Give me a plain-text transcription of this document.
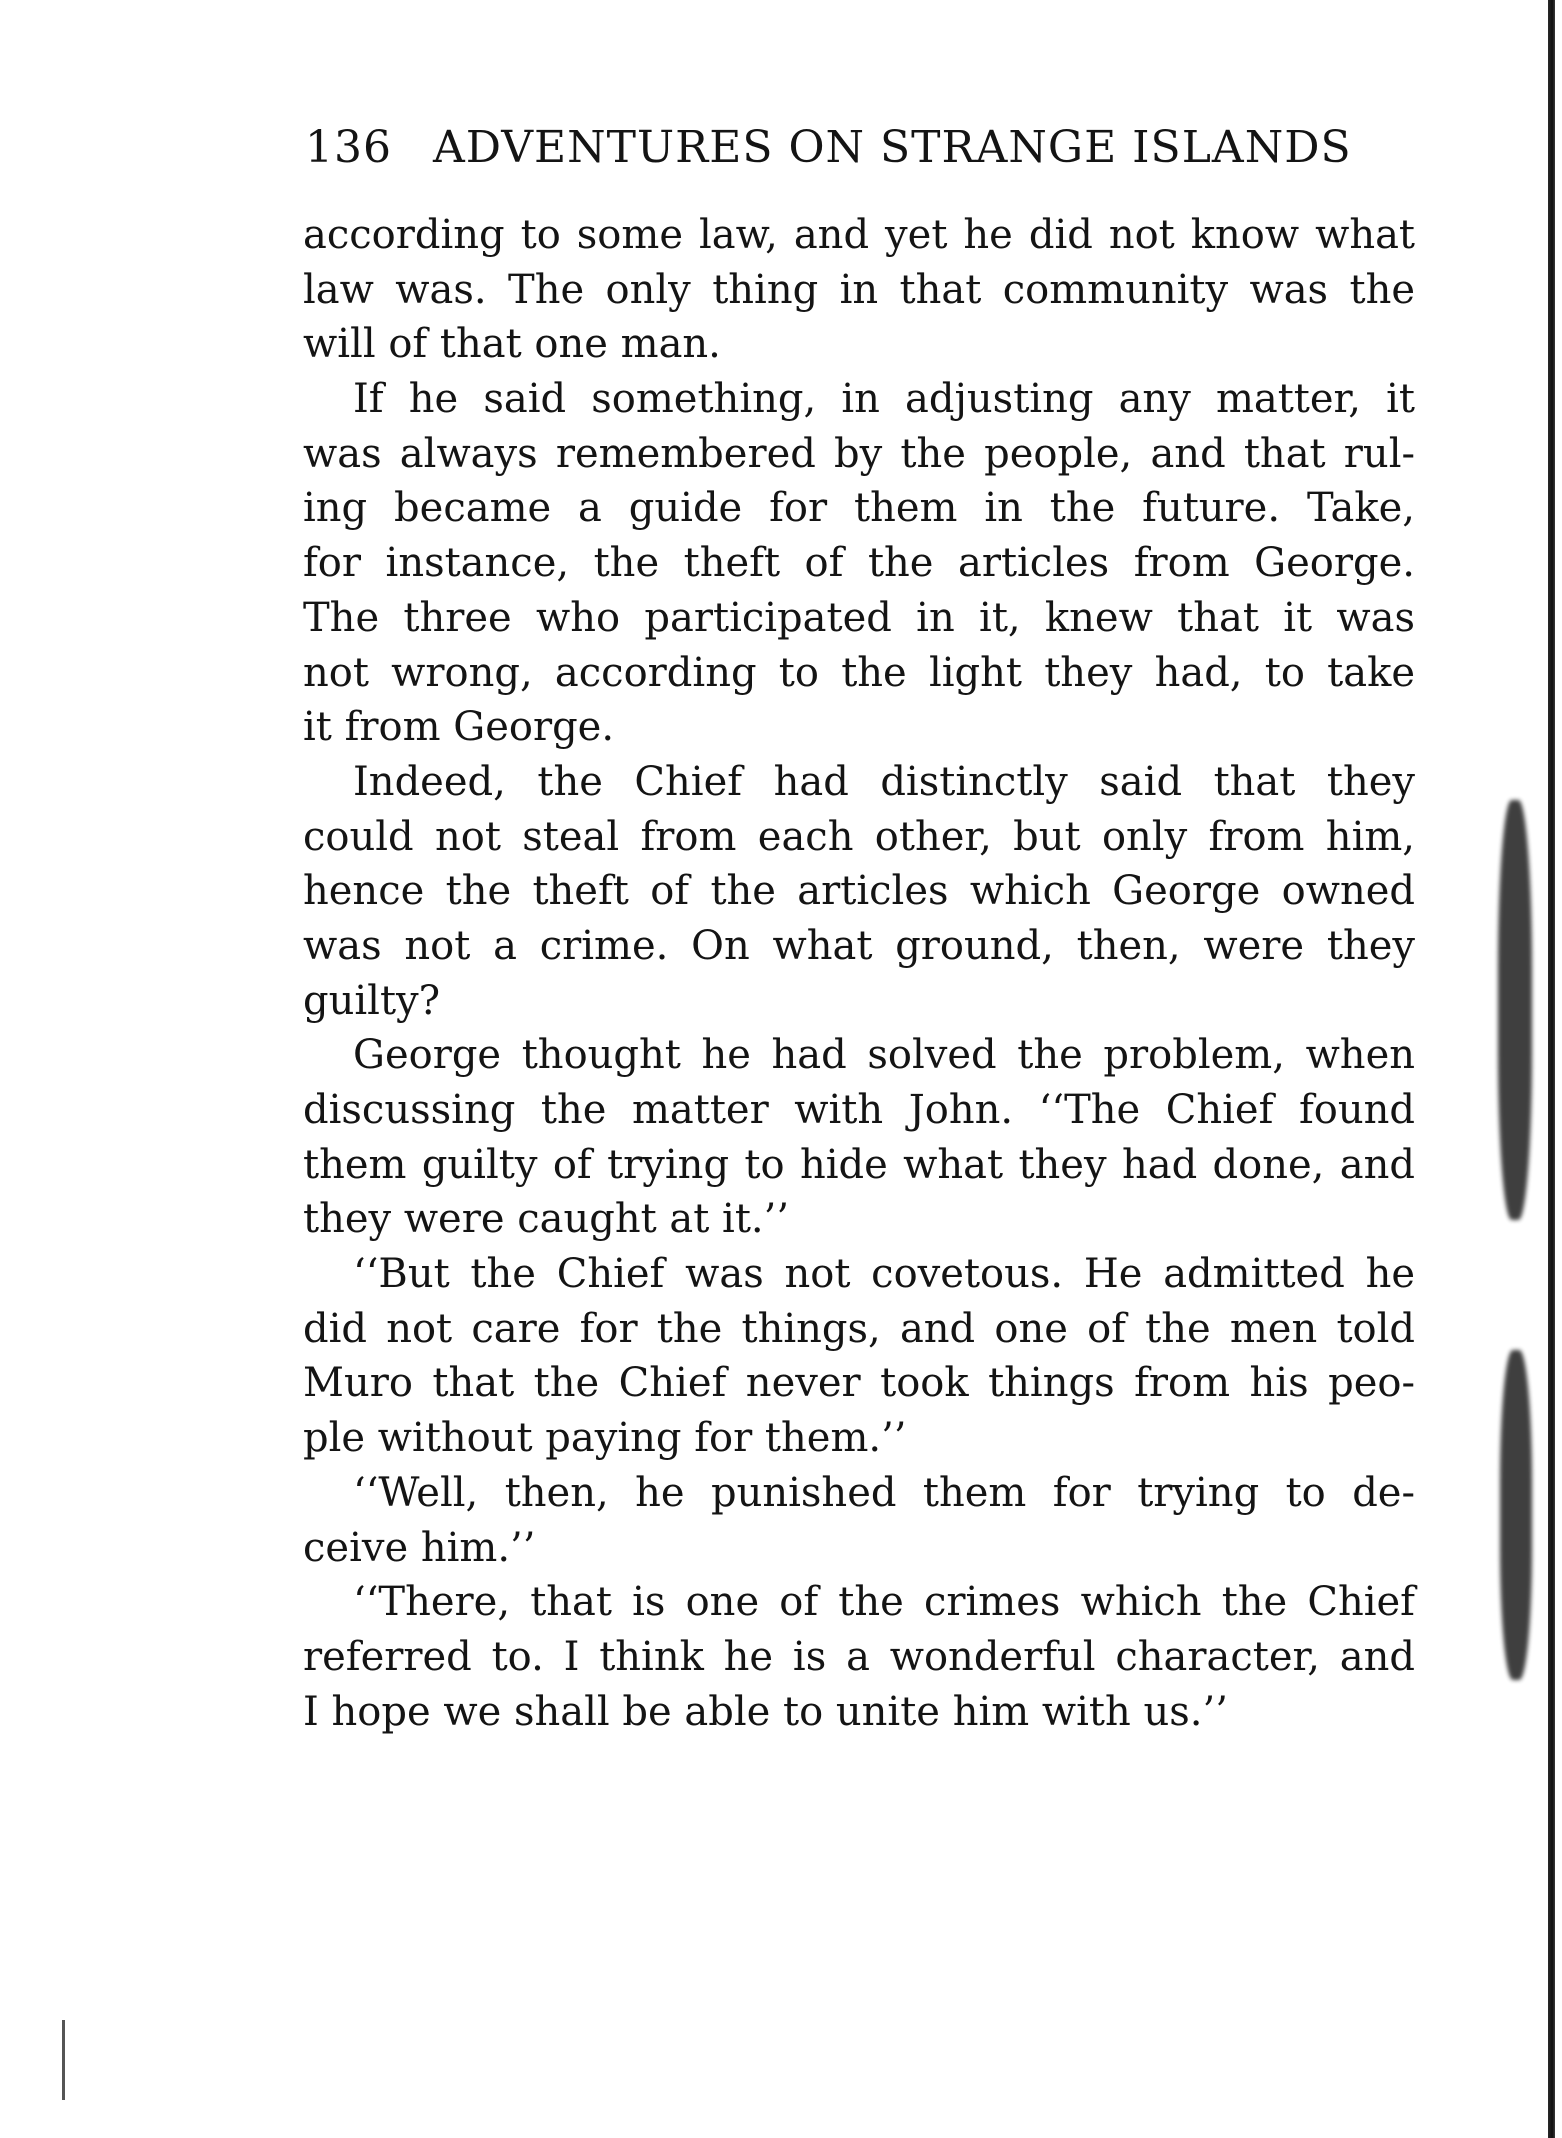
136 ADVENTURES ON STRANGE ISLANDS
according to some law, and yet he did not know what
law was. The only thing in that community was the
will of that one man.
If he said something, in adjusting any matter, it
was always remembered by the people, and that rul-
ing became a guide for them in the future. Take,
for instance, the theft of the articles from George.
The three who participated in it, knew that it was
not wrong, according to the light they had, to take
it from George.
Indeed, the Chief had distinctly said that they
could not steal from each other, but only from him,
hence the theft of the articles which George owned
was not a crime. On what ground, then, were they
guilty?
George thought he had solved the problem, when
discussing the matter with John. ‘‘The Chief found
them guilty of trying to hide what they had done, and
they were caught at it.’’
‘‘But the Chief was not covetous. He admitted he
did not care for the things, and one of the men told
Muro that the Chief never took things from his peo-
ple without paying for them.’’
‘‘Well, then, he punished them for trying to de-
ceive him.’’
‘‘There, that is one of the crimes which the Chief
referred to. I think he is a wonderful character, and
I hope we shall be able to unite him with us.’’
